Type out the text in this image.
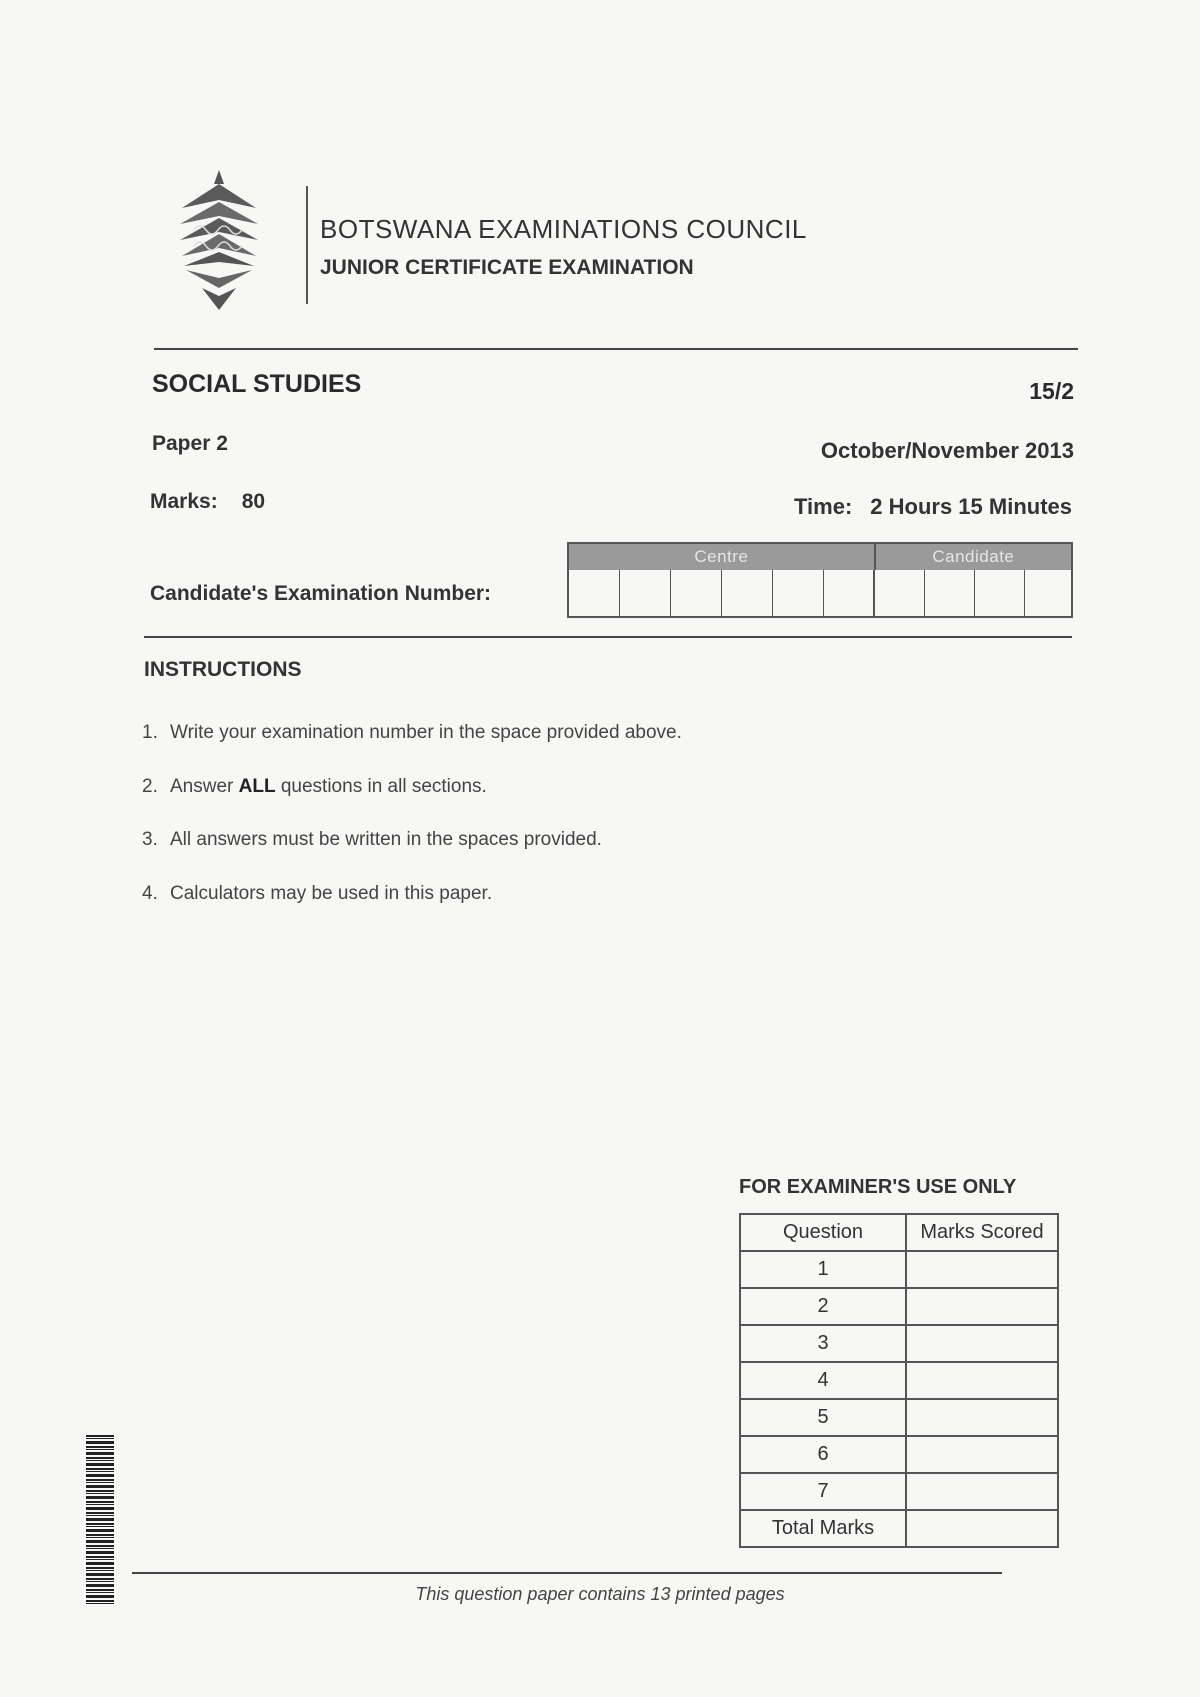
BOTSWANA EXAMINATIONS COUNCIL
JUNIOR CERTIFICATE EXAMINATION
SOCIAL STUDIES	15/2
Paper 2	October/November 2013
Marks: 80	Time: 2 Hours 15 Minutes
Candidate's Examination Number:
Centre	Candidate
INSTRUCTIONS
1. Write your examination number in the space provided above.
2. Answer ALL questions in all sections.
3. All answers must be written in the spaces provided.
4. Calculators may be used in this paper.
FOR EXAMINER'S USE ONLY
Question	Marks Scored
1	
2	
3	
4	
5	
6	
7	
Total Marks	
This question paper contains 13 printed pages
